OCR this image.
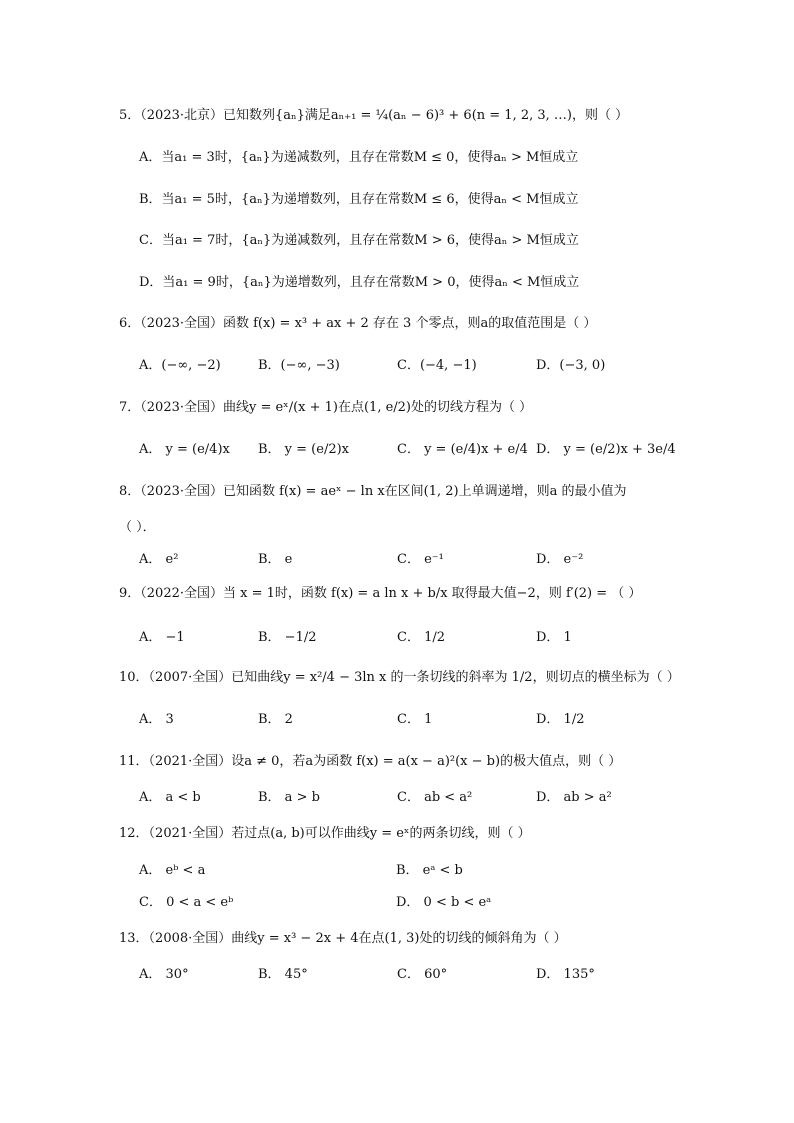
5．（2023·北京）已知数列{aₙ}满足aₙ₊₁ = ¼(aₙ − 6)³ + 6(n = 1, 2, 3, …)，则（ ）
A．当a₁ = 3时，{aₙ}为递减数列，且存在常数M ≤ 0，使得aₙ > M恒成立
B．当a₁ = 5时，{aₙ}为递增数列，且存在常数M ≤ 6，使得aₙ < M恒成立
C．当a₁ = 7时，{aₙ}为递减数列，且存在常数M > 6，使得aₙ > M恒成立
D．当a₁ = 9时，{aₙ}为递增数列，且存在常数M > 0，使得aₙ < M恒成立
6．（2023·全国）函数 f(x) = x³ + ax + 2 存在 3 个零点，则a的取值范围是（ ）
A．(−∞, −2)	B．(−∞, −3)	C．(−4, −1)	D．(−3, 0)
7．（2023·全国）曲线y = eˣ/(x + 1)在点(1, e/2)处的切线方程为（ ）
A． y = (e/4)x B． y = (e/2)x	C． y = (e/4)x + e/4 D． y = (e/2)x + 3e/4
8．（2023·全国）已知函数 f(x) = aeˣ − ln x在区间(1, 2)上单调递增，则a 的最小值为
（ ）．
A． e²	B． e	C． e⁻¹	D． e⁻²
9．（2022·全国）当 x = 1时，函数 f(x) = a ln x + b/x 取得最大值−2，则 f′(2) = （ ）
A． −1	B． −1/2	C． 1/2	D． 1
10．（2007·全国）已知曲线y = x²/4 − 3ln x 的一条切线的斜率为 1/2，则切点的横坐标为（ ）
A． 3	B． 2	C． 1	D． 1/2
11．（2021·全国）设a ≠ 0，若a为函数 f(x) = a(x − a)²(x − b)的极大值点，则（ ）
A． a < b	B． a > b	C． ab < a²	D． ab > a²
12．（2021·全国）若过点(a, b)可以作曲线y = eˣ的两条切线，则（ ）
A． eᵇ < a	B． eᵃ < b
C． 0 < a < eᵇ	D． 0 < b < eᵃ
13．（2008·全国）曲线y = x³ − 2x + 4在点(1, 3)处的切线的倾斜角为（ ）
A． 30°	B． 45°	C． 60°	D． 135°
